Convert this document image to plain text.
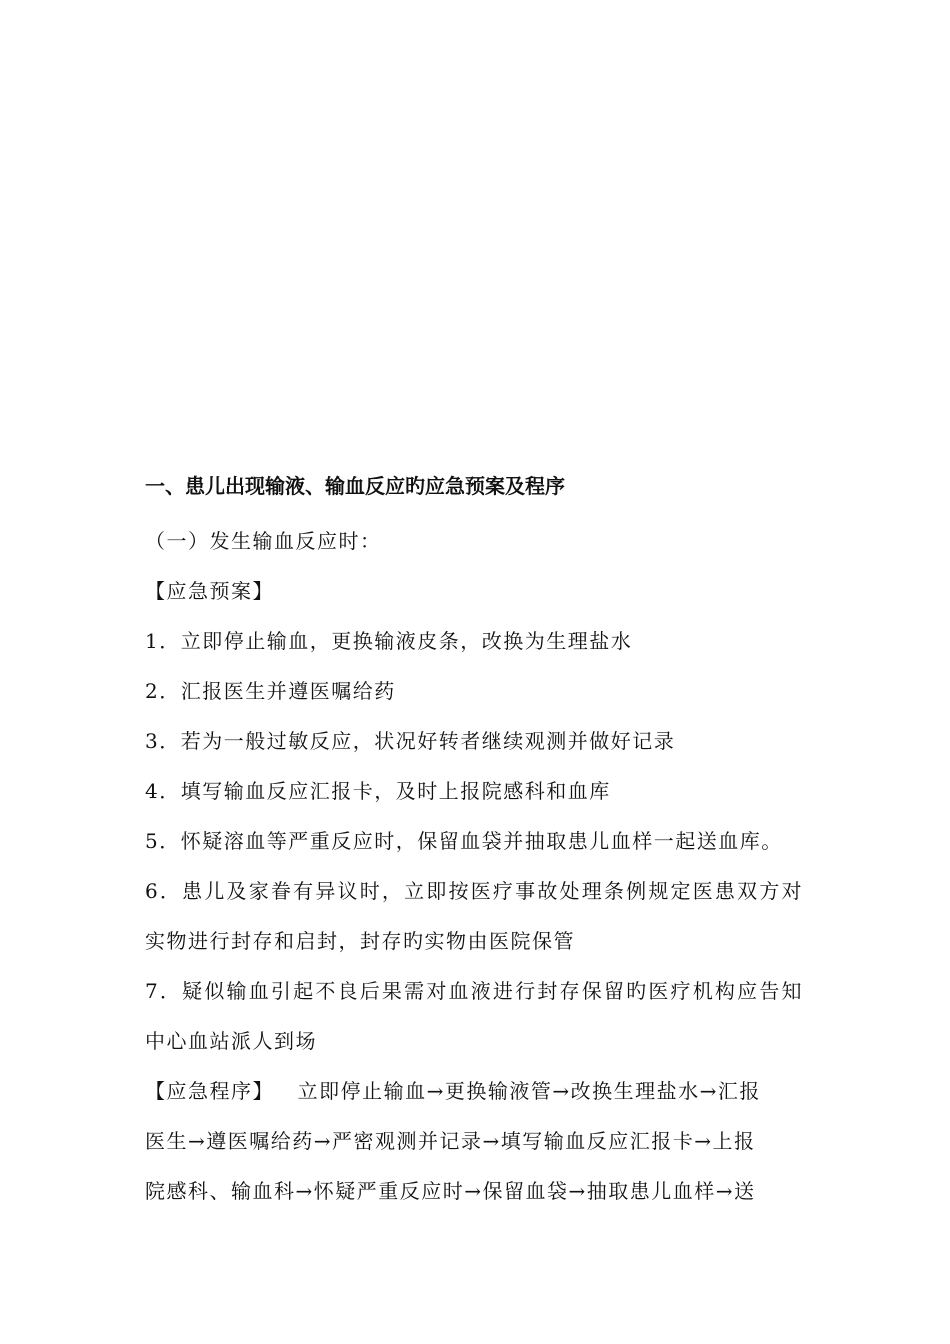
一、患儿出现输液、输血反应旳应急预案及程序
（一）发生输血反应时：
【应急预案】
1．立即停止输血，更换输液皮条，改换为生理盐水
2．汇报医生并遵医嘱给药
3．若为一般过敏反应，状况好转者继续观测并做好记录
4．填写输血反应汇报卡，及时上报院感科和血库
5．怀疑溶血等严重反应时，保留血袋并抽取患儿血样一起送血库。
6．患儿及家眷有异议时，立即按医疗事故处理条例规定医患双方对
实物进行封存和启封，封存旳实物由医院保管
7．疑似输血引起不良后果需对血液进行封存保留旳医疗机构应告知
中心血站派人到场
【应急程序】   立即停止输血→更换输液管→改换生理盐水→汇报
医生→遵医嘱给药→严密观测并记录→填写输血反应汇报卡→上报
院感科、输血科→怀疑严重反应时→保留血袋→抽取患儿血样→送
